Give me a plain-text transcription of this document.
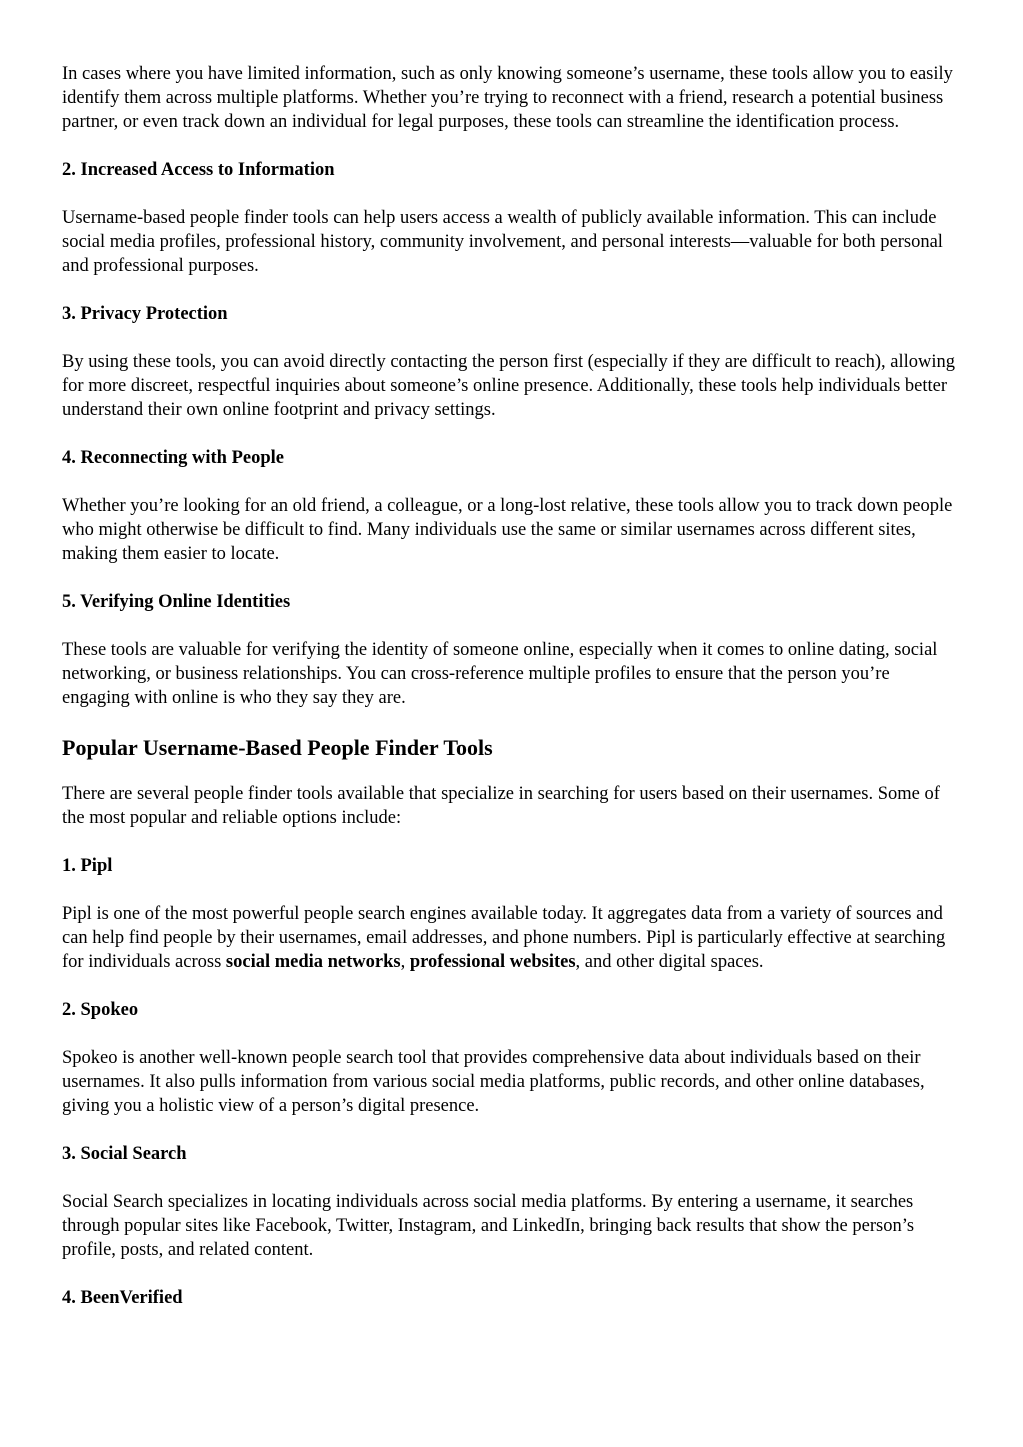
In cases where you have limited information, such as only knowing someone’s username, these tools allow you to easily identify them across multiple platforms. Whether you’re trying to reconnect with a friend, research a potential business partner, or even track down an individual for legal purposes, these tools can streamline the identification process.

2. Increased Access to Information

Username-based people finder tools can help users access a wealth of publicly available information. This can include social media profiles, professional history, community involvement, and personal interests—valuable for both personal and professional purposes.

3. Privacy Protection

By using these tools, you can avoid directly contacting the person first (especially if they are difficult to reach), allowing for more discreet, respectful inquiries about someone’s online presence. Additionally, these tools help individuals better understand their own online footprint and privacy settings.

4. Reconnecting with People

Whether you’re looking for an old friend, a colleague, or a long-lost relative, these tools allow you to track down people who might otherwise be difficult to find. Many individuals use the same or similar usernames across different sites, making them easier to locate.

5. Verifying Online Identities

These tools are valuable for verifying the identity of someone online, especially when it comes to online dating, social networking, or business relationships. You can cross-reference multiple profiles to ensure that the person you’re engaging with online is who they say they are.

Popular Username-Based People Finder Tools

There are several people finder tools available that specialize in searching for users based on their usernames. Some of the most popular and reliable options include:

1. Pipl

Pipl is one of the most powerful people search engines available today. It aggregates data from a variety of sources and can help find people by their usernames, email addresses, and phone numbers. Pipl is particularly effective at searching for individuals across social media networks, professional websites, and other digital spaces.

2. Spokeo

Spokeo is another well-known people search tool that provides comprehensive data about individuals based on their usernames. It also pulls information from various social media platforms, public records, and other online databases, giving you a holistic view of a person’s digital presence.

3. Social Search

Social Search specializes in locating individuals across social media platforms. By entering a username, it searches through popular sites like Facebook, Twitter, Instagram, and LinkedIn, bringing back results that show the person’s profile, posts, and related content.

4. BeenVerified
